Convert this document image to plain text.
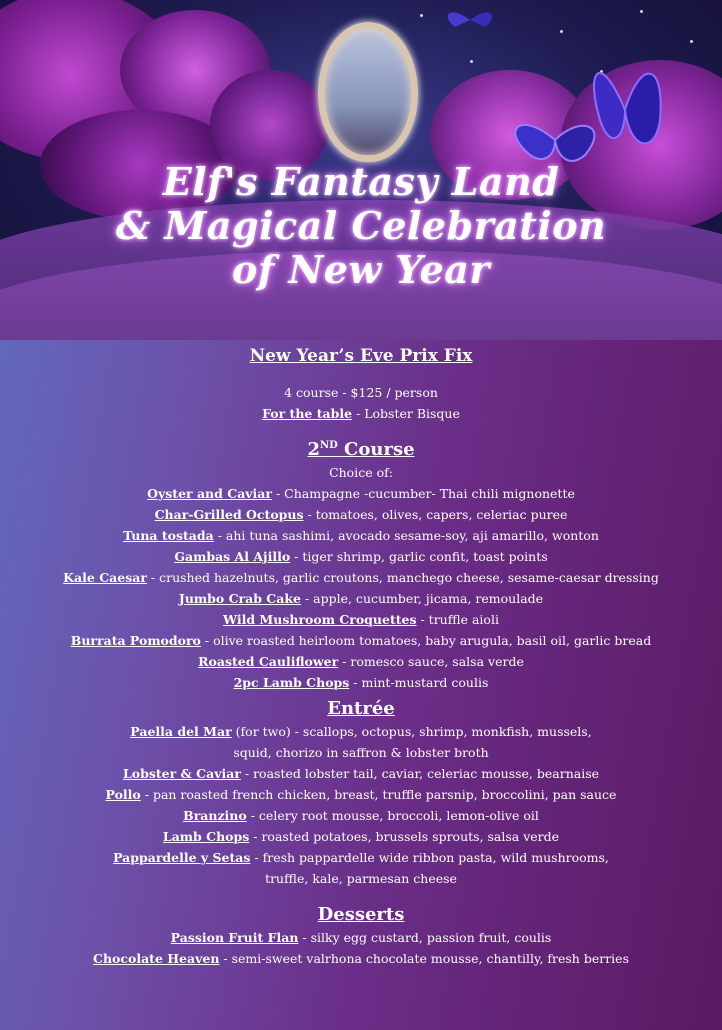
Elf's Fantasy Land
& Magical Celebration
of New Year

New Year’s Eve Prix Fix

4 course - $125 / person

For the table - Lobster Bisque

2ND Course

Choice of:

Oyster and Caviar - Champagne -cucumber- Thai chili mignonette

Char-Grilled Octopus - tomatoes, olives, capers, celeriac puree

Tuna tostada - ahi tuna sashimi, avocado sesame-soy, aji amarillo, wonton

Gambas Al Ajillo - tiger shrimp, garlic confit, toast points

Kale Caesar - crushed hazelnuts, garlic croutons, manchego cheese, sesame-caesar dressing

Jumbo Crab Cake - apple, cucumber, jicama, remoulade

Wild Mushroom Croquettes - truffle aioli

Burrata Pomodoro - olive roasted heirloom tomatoes, baby arugula, basil oil, garlic bread

Roasted Cauliflower - romesco sauce, salsa verde

2pc Lamb Chops - mint-mustard coulis

Entrée

Paella del Mar (for two) - scallops, octopus, shrimp, monkfish, mussels,

squid, chorizo in saffron & lobster broth

Lobster & Caviar - roasted lobster tail, caviar, celeriac mousse, bearnaise

Pollo - pan roasted french chicken, breast, truffle parsnip, broccolini, pan sauce

Branzino - celery root mousse, broccoli, lemon-olive oil

Lamb Chops - roasted potatoes, brussels sprouts, salsa verde

Pappardelle y Setas - fresh pappardelle wide ribbon pasta, wild mushrooms,

truffle, kale, parmesan cheese

Desserts

Passion Fruit Flan - silky egg custard, passion fruit, coulis

Chocolate Heaven - semi-sweet valrhona chocolate mousse, chantilly, fresh berries
